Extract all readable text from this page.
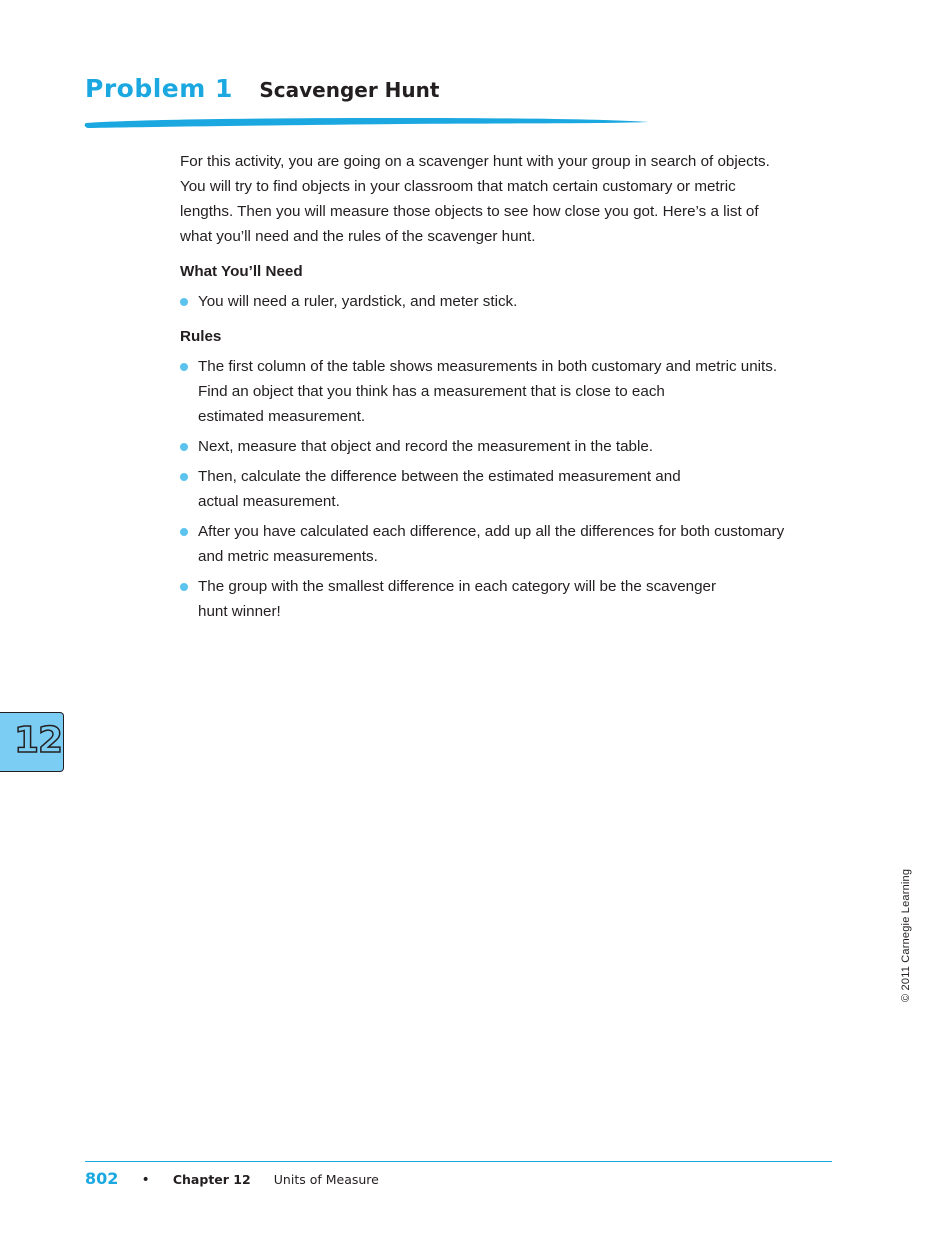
Problem 1 Scavenger Hunt

For this activity, you are going on a scavenger hunt with your group in search of objects.
You will try to find objects in your classroom that match certain customary or metric
lengths. Then you will measure those objects to see how close you got. Here’s a list of
what you’ll need and the rules of the scavenger hunt.

What You’ll Need

You will need a ruler, yardstick, and meter stick.

Rules

The first column of the table shows measurements in both customary and metric units.
Find an object that you think has a measurement that is close to each
estimated measurement.
Next, measure that object and record the measurement in the table.
Then, calculate the difference between the estimated measurement and
actual measurement.
After you have calculated each difference, add up all the differences for both customary
and metric measurements.
The group with the smallest difference in each category will be the scavenger
hunt winner!
12
© 2011 Carnegie Learning
802 • Chapter 12 Units of Measure
